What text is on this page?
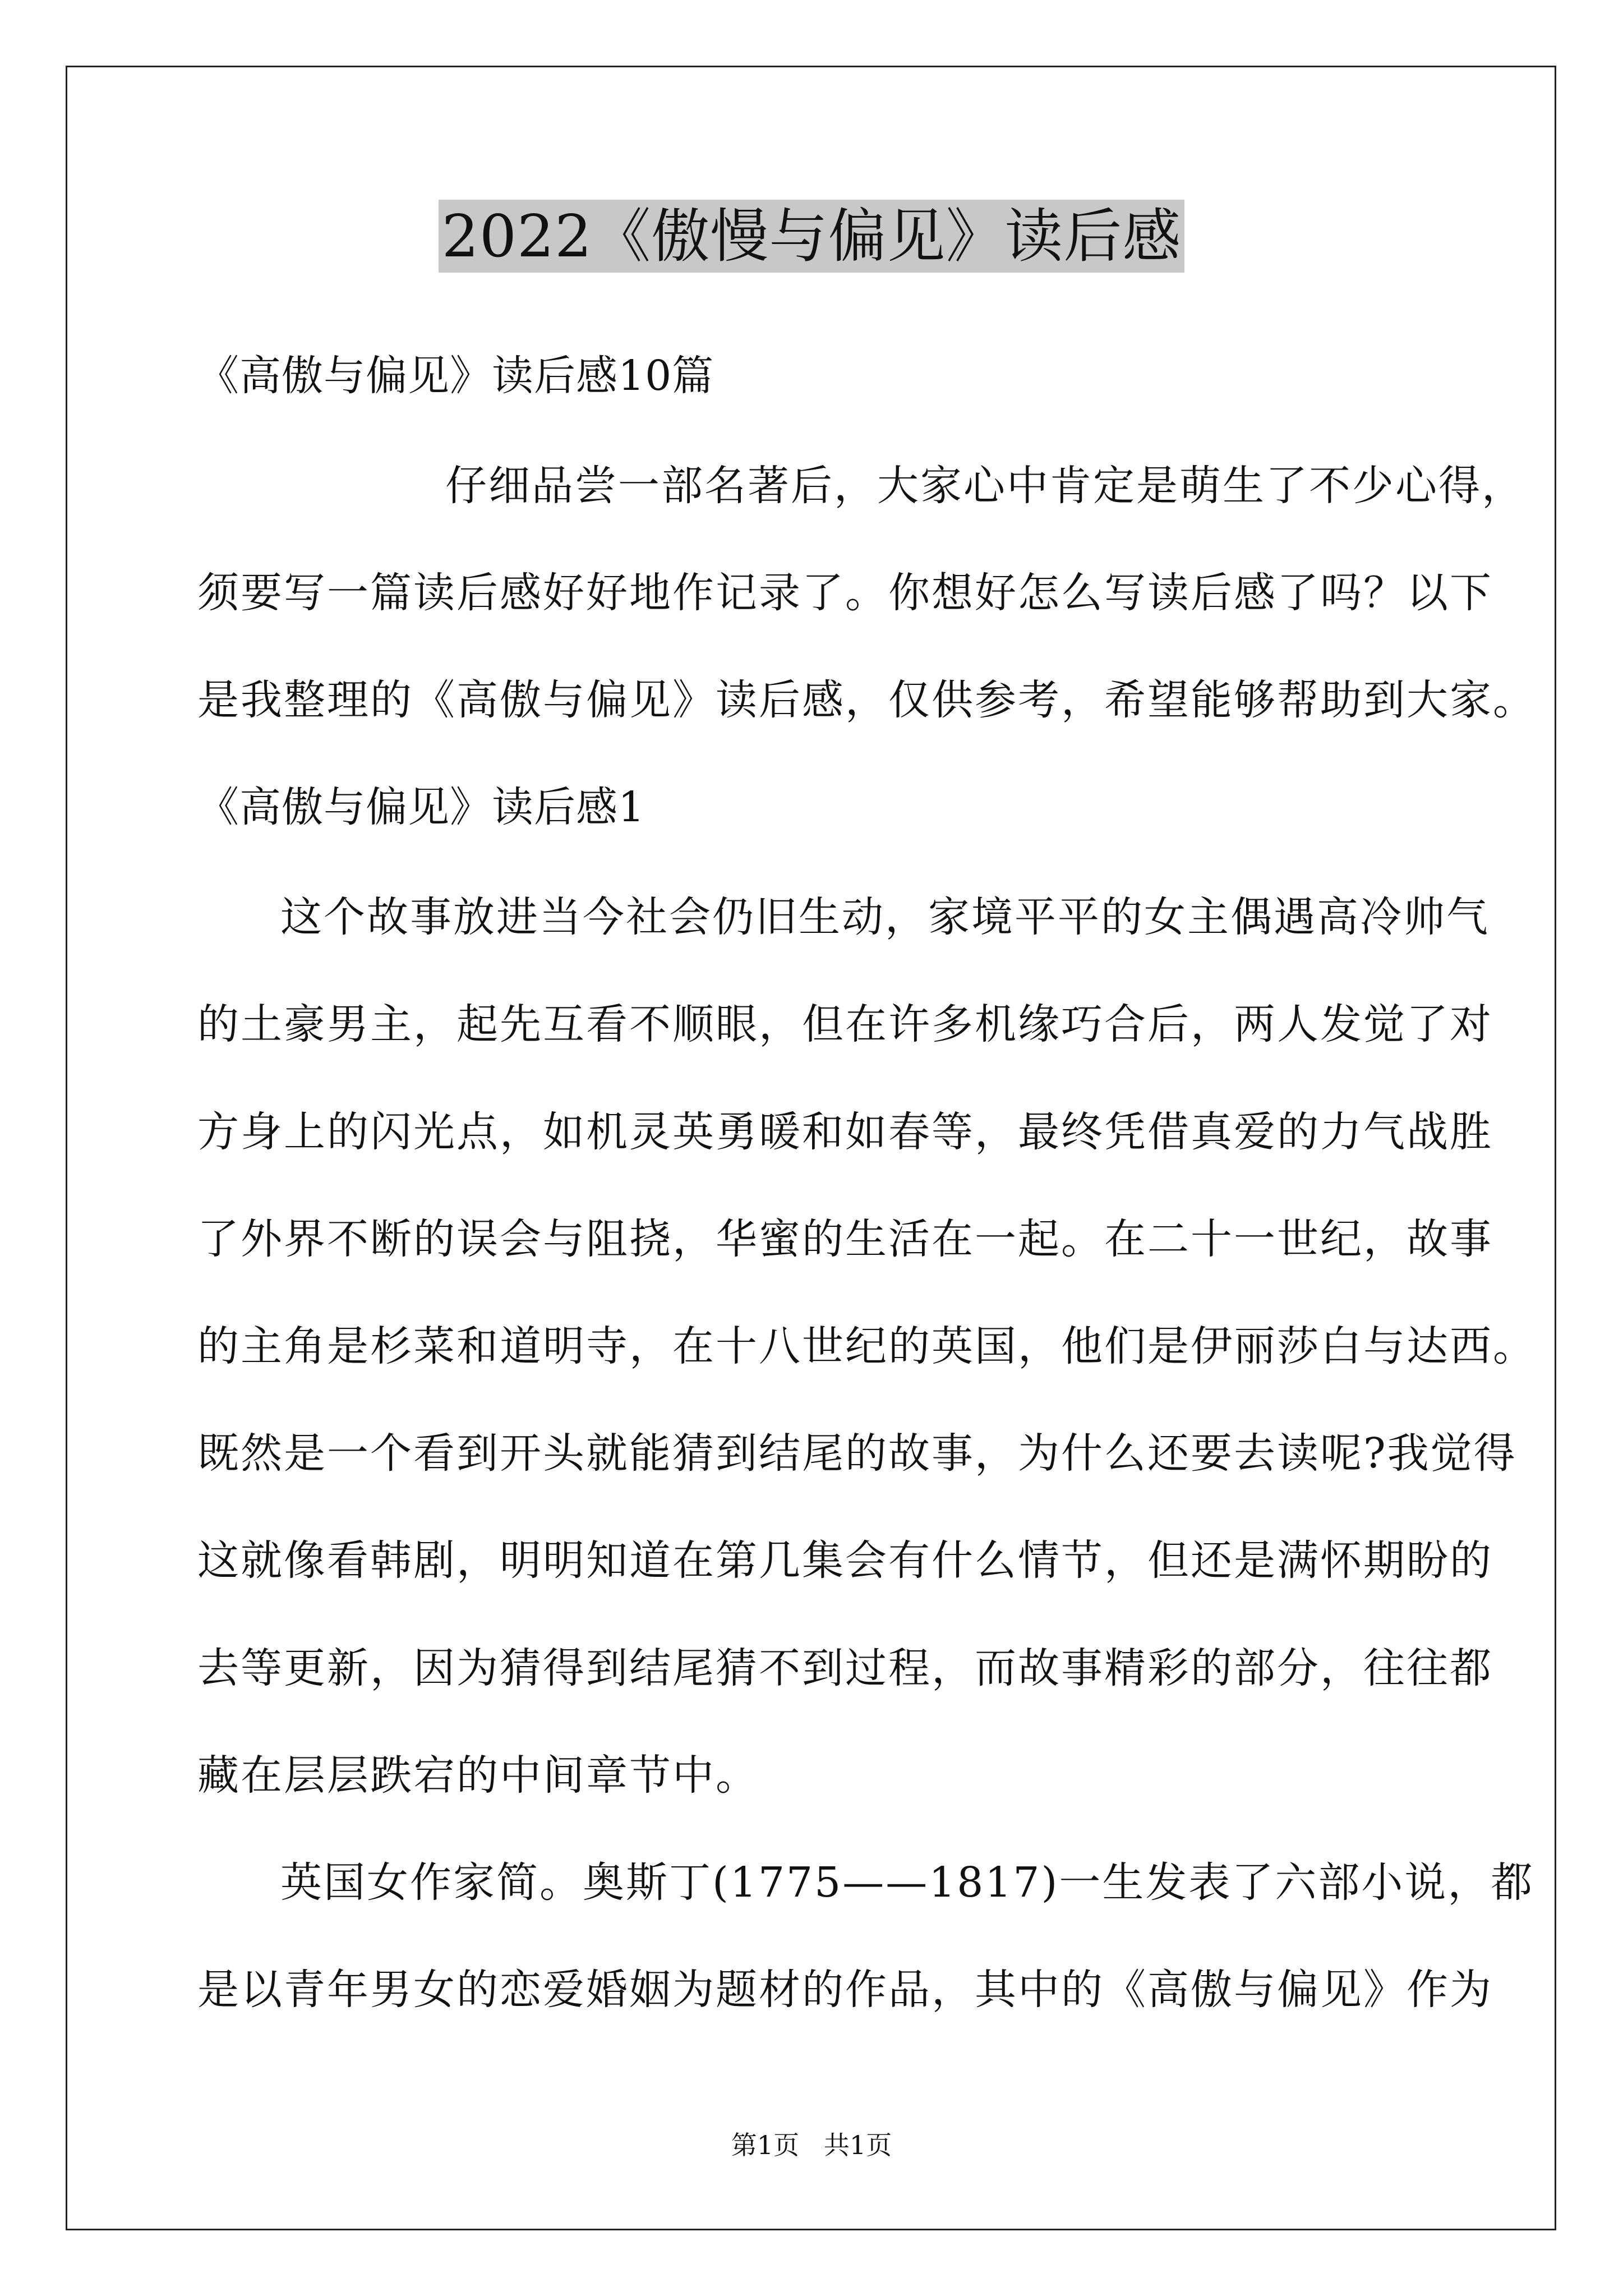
2022《傲慢与偏见》读后感
《高傲与偏见》读后感10篇
仔细品尝一部名著后，大家心中肯定是萌生了不少心得，
须要写一篇读后感好好地作记录了。你想好怎么写读后感了吗？以下
是我整理的《高傲与偏见》读后感，仅供参考，希望能够帮助到大家。
《高傲与偏见》读后感1
这个故事放进当今社会仍旧生动，家境平平的女主偶遇高冷帅气
的土豪男主，起先互看不顺眼，但在许多机缘巧合后，两人发觉了对
方身上的闪光点，如机灵英勇暖和如春等，最终凭借真爱的力气战胜
了外界不断的误会与阻挠，华蜜的生活在一起。在二十一世纪，故事
的主角是杉菜和道明寺，在十八世纪的英国，他们是伊丽莎白与达西。
既然是一个看到开头就能猜到结尾的故事，为什么还要去读呢?我觉得
这就像看韩剧，明明知道在第几集会有什么情节，但还是满怀期盼的
去等更新，因为猜得到结尾猜不到过程，而故事精彩的部分，往往都
藏在层层跌宕的中间章节中。
英国女作家简。奥斯丁(1775——1817)一生发表了六部小说，都
是以青年男女的恋爱婚姻为题材的作品，其中的《高傲与偏见》作为
第1页   共1页
